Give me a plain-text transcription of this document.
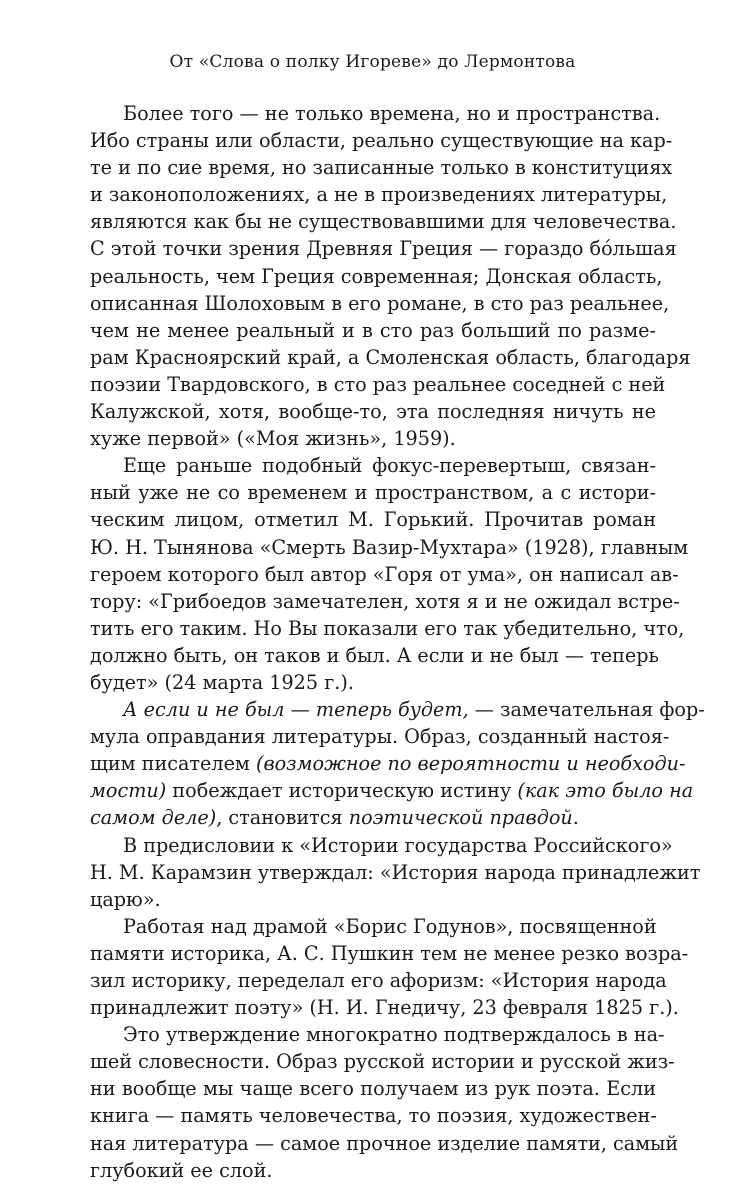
От «Слова о полку Игореве» до Лермонтова
Более того — не только времена, но и пространства.
Ибо страны или области, реально существующие на кар-
те и по сие время, но записанные только в конституциях
и законоположениях, а не в произведениях литературы,
являются как бы не существовавшими для человечества.
С этой точки зрения Древняя Греция — гораздо бóльшая
реальность, чем Греция современная; Донская область,
описанная Шолоховым в его романе, в сто раз реальнее,
чем не менее реальный и в сто раз больший по разме-
рам Красноярский край, а Смоленская область, благодаря
поэзии Твардовского, в сто раз реальнее соседней с ней
Калужской, хотя, вообще-то, эта последняя ничуть не
хуже первой» («Моя жизнь», 1959).
Еще раньше подобный фокус-перевертыш, связан-
ный уже не со временем и пространством, а с истори-
ческим лицом, отметил М. Горький. Прочитав роман
Ю. Н. Тынянова «Смерть Вазир-Мухтара» (1928), главным
героем которого был автор «Горя от ума», он написал ав-
тору: «Грибоедов замечателен, хотя я и не ожидал встре-
тить его таким. Но Вы показали его так убедительно, что,
должно быть, он таков и был. А если и не был — теперь
будет» (24 марта 1925 г.).
А если и не был — теперь будет, — замечательная фор-
мула оправдания литературы. Образ, созданный настоя-
щим писателем (возможное по вероятности и необходи-
мости) побеждает историческую истину (как это было на
самом деле), становится поэтической правдой.
В предисловии к «Истории государства Российского»
Н. М. Карамзин утверждал: «История народа принадлежит
царю».
Работая над драмой «Борис Годунов», посвященной
памяти историка, А. С. Пушкин тем не менее резко возра-
зил историку, переделал его афоризм: «История народа
принадлежит поэту» (Н. И. Гнедичу, 23 февраля 1825 г.).
Это утверждение многократно подтверждалось в на-
шей словесности. Образ русской истории и русской жиз-
ни вообще мы чаще всего получаем из рук поэта. Если
книга — память человечества, то поэзия, художествен-
ная литература — самое прочное изделие памяти, самый
глубокий ее слой.
